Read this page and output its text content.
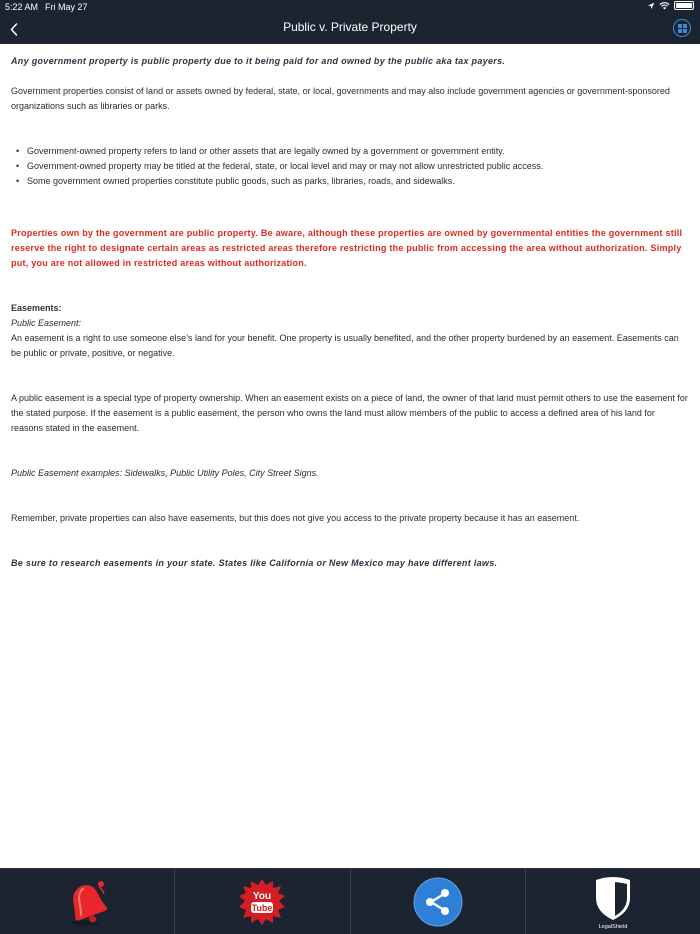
5:22 AM Fri May 27
Public v. Private Property
Any government property is public property due to it being paid for and owned by the public aka tax payers.
Government properties consist of land or assets owned by federal, state, or local, governments and may also include government agencies or government-sponsored organizations such as libraries or parks.
• Government-owned property refers to land or other assets that are legally owned by a government or government entity.
• Government-owned property may be titled at the federal, state, or local level and may or may not allow unrestricted public access.
• Some government owned properties constitute public goods, such as parks, libraries, roads, and sidewalks.
Properties own by the government are public property. Be aware, although these properties are owned by governmental entities the government still reserve the right to designate certain areas as restricted areas therefore restricting the public from accessing the area without authorization. Simply put, you are not allowed in restricted areas without authorization.
Easements:
Public Easement:
An easement is a right to use someone else’s land for your benefit. One property is usually benefited, and the other property burdened by an easement. Easements can be public or private, positive, or negative.
A public easement is a special type of property ownership. When an easement exists on a piece of land, the owner of that land must permit others to use the easement for the stated purpose. If the easement is a public easement, the person who owns the land must allow members of the public to access a defined area of his land for reasons stated in the easement.
Public Easement examples: Sidewalks, Public Utility Poles, City Street Signs.
Remember, private properties can also have easements, but this does not give you access to the private property because it has an easement.
Be sure to research easements in your state. States like California or New Mexico may have different laws.
You
Tube
LegalShield
